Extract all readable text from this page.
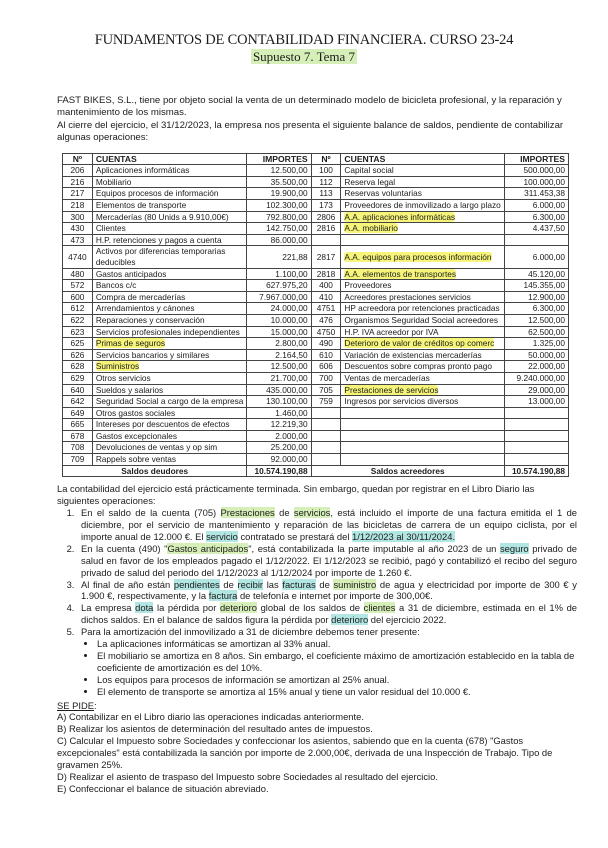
FUNDAMENTOS DE CONTABILIDAD FINANCIERA. CURSO 23-24
Supuesto 7. Tema 7
FAST BIKES, S.L., tiene por objeto social la venta de un determinado modelo de bicicleta profesional, y la reparación y mantenimiento de los mismas.
Al cierre del ejercicio, el 31/12/2023, la empresa nos presenta el siguiente balance de saldos, pendiente de contabilizar algunas operaciones:
Nº	CUENTAS	IMPORTES	Nº	CUENTAS	IMPORTES
206	Aplicaciones informáticas	12.500,00	100	Capital social	500.000,00
216	Mobiliario	35.500,00	112	Reserva legal	100.000,00
217	Equipos procesos de información	19.900,00	113	Reservas voluntarias	311.453,38
218	Elementos de transporte	102.300,00	173	Proveedores de inmovilizado a largo plazo	6.000,00
300	Mercaderías (80 Unids a 9.910,00€)	792.800,00	2806	A.A. aplicaciones informáticas	6.300,00
430	Clientes	142.750,00	2816	A.A. mobiliario	4.437,50
473	H.P. retenciones y pagos a cuenta	86.000,00			
4740	Activos por diferencias temporarias deducibles	221,88	2817	A.A. equipos para procesos información	6.000,00
480	Gastos anticipados	1.100,00	2818	A.A. elementos de transportes	45.120,00
572	Bancos c/c	627.975,20	400	Proveedores	145.355,00
600	Compra de mercaderías	7.967.000,00	410	Acreedores prestaciones servicios	12.900,00
612	Arrendamientos y cánones	24.000,00	4751	HP acreedora por retenciones practicadas	6.300,00
622	Reparaciones y conservación	10.000,00	476	Organismos Seguridad Social acreedores	12.500,00
623	Servicios profesionales independientes	15.000,00	4750	H.P. IVA acreedor por IVA	62.500,00
625	Primas de seguros	2.800,00	490	Deterioro de valor de créditos op comerc	1.325,00
626	Servicios bancarios y similares	2.164,50	610	Variación de existencias mercaderías	50.000,00
628	Suministros	12.500,00	606	Descuentos sobre compras pronto pago	22.000,00
629	Otros servicios	21.700,00	700	Ventas de mercaderías	9.240.000,00
640	Sueldos y salarios	435.000,00	705	Prestaciones de servicios	29.000,00
642	Seguridad Social a cargo de la empresa	130.100,00	759	Ingresos por servicios diversos	13.000,00
649	Otros gastos sociales	1.460,00			
665	Intereses por descuentos de efectos	12.219,30			
678	Gastos excepcionales	2.000,00			
708	Devoluciones de ventas y op sim	25.200,00			
709	Rappels sobre ventas	92.000,00			
Saldos deudores		10.574.190,88	Saldos acreedores		10.574.190,88
La contabilidad del ejercicio está prácticamente terminada. Sin embargo, quedan por registrar en el Libro Diario las siguientes operaciones:
1. En el saldo de la cuenta (705) Prestaciones de servicios, está incluido el importe de una factura emitida el 1 de diciembre, por el servicio de mantenimiento y reparación de las bicicletas de carrera de un equipo ciclista, por el importe anual de 12.000 €. El servicio contratado se prestará del 1/12/2023 al 30/11/2024.
2. En la cuenta (490) "Gastos anticipados", está contabilizada la parte imputable al año 2023 de un seguro privado de salud en favor de los empleados pagado el 1/12/2022. El 1/12/2023 se recibió, pagó y contabilizó el recibo del seguro privado de salud del periodo del 1/12/2023 al 1/12/2024 por importe de 1.260 €.
3. Al final de año están pendientes de recibir las facturas de suministro de agua y electricidad por importe de 300 € y 1.900 €, respectivamente, y la factura de telefonía e internet por importe de 300,00€.
4. La empresa dota la pérdida por deterioro global de los saldos de clientes a 31 de diciembre, estimada en el 1% de dichos saldos. En el balance de saldos figura la pérdida por deterioro del ejercicio 2022.
5. Para la amortización del inmovilizado a 31 de diciembre debemos tener presente:
• La aplicaciones informáticas se amortizan al 33% anual.
• El mobiliario se amortiza en 8 años. Sin embargo, el coeficiente máximo de amortización establecido en la tabla de coeficiente de amortización es del 10%.
• Los equipos para procesos de información se amortizan al 25% anual.
• El elemento de transporte se amortiza al 15% anual y tiene un valor residual del 10.000 €.
SE PIDE:
A) Contabilizar en el Libro diario las operaciones indicadas anteriormente.
B) Realizar los asientos de determinación del resultado antes de impuestos.
C) Calcular el Impuesto sobre Sociedades y confeccionar los asientos, sabiendo que en la cuenta (678) "Gastos excepcionales" está contabilizada la sanción por importe de 2.000,00€, derivada de una Inspección de Trabajo. Tipo de gravamen 25%.
D) Realizar el asiento de traspaso del Impuesto sobre Sociedades al resultado del ejercicio.
E) Confeccionar el balance de situación abreviado.
